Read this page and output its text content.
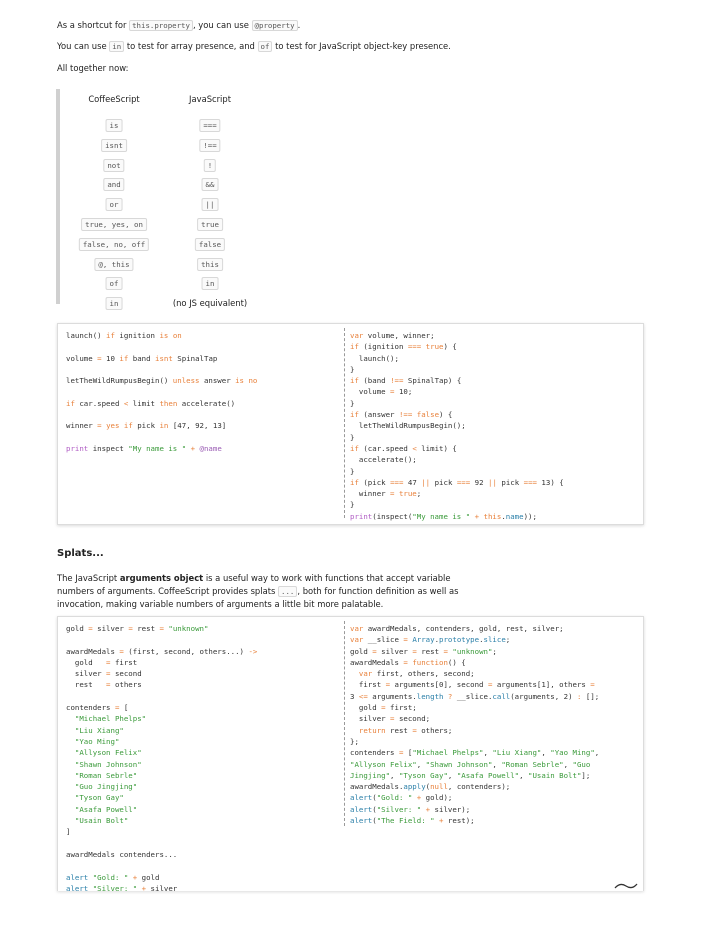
As a shortcut for this.property , you can use @property .

You can use in to test for array presence, and of to test for JavaScript object-key presence.

All together now:

CoffeeScript	JavaScript
is	===
isnt	!==
not	!
and	&&
or	||
true, yes, on	true
false, no, off	false
@, this	this
of	in
in	(no JS equivalent)
launch() if ignition is on

volume = 10 if band isnt SpinalTap

letTheWildRumpusBegin() unless answer is no

if car.speed < limit then accelerate()

winner = yes if pick in [47, 92, 13]

print inspect "My name is " + @name
var volume, winner;
if (ignition === true) {
launch();
}
if (band !== SpinalTap) {
volume = 10;
}
if (answer !== false) {
letTheWildRumpusBegin();
}
if (car.speed < limit) {
accelerate();
}
if (pick === 47 || pick === 92 || pick === 13) {
winner = true;
}
print(inspect("My name is " + this.name));
Splats...

The JavaScript arguments object is a useful way to work with functions that accept variable

numbers of arguments. CoffeeScript provides splats ... , both for function definition as well as

invocation, making variable numbers of arguments a little bit more palatable.

gold = silver = rest = "unknown"

awardMedals = (first, second, others...) ->
gold   = first
silver = second
rest   = others

contenders = [
"Michael Phelps"
"Liu Xiang"
"Yao Ming"
"Allyson Felix"
"Shawn Johnson"
"Roman Sebrle"
"Guo Jingjing"
"Tyson Gay"
"Asafa Powell"
"Usain Bolt"
]

awardMedals contenders...

alert "Gold: " + gold
alert "Silver: " + silver
var awardMedals, contenders, gold, rest, silver;
var __slice = Array.prototype.slice;
gold = silver = rest = "unknown";
awardMedals = function() {
var first, others, second;
first = arguments[0], second = arguments[1], others =
3 <= arguments.length ? __slice.call(arguments, 2) : [];
gold = first;
silver = second;
return rest = others;
};
contenders = ["Michael Phelps", "Liu Xiang", "Yao Ming",
"Allyson Felix", "Shawn Johnson", "Roman Sebrle", "Guo
Jingjing", "Tyson Gay", "Asafa Powell", "Usain Bolt"];
awardMedals.apply(null, contenders);
alert("Gold: " + gold);
alert("Silver: " + silver);
alert("The Field: " + rest);
